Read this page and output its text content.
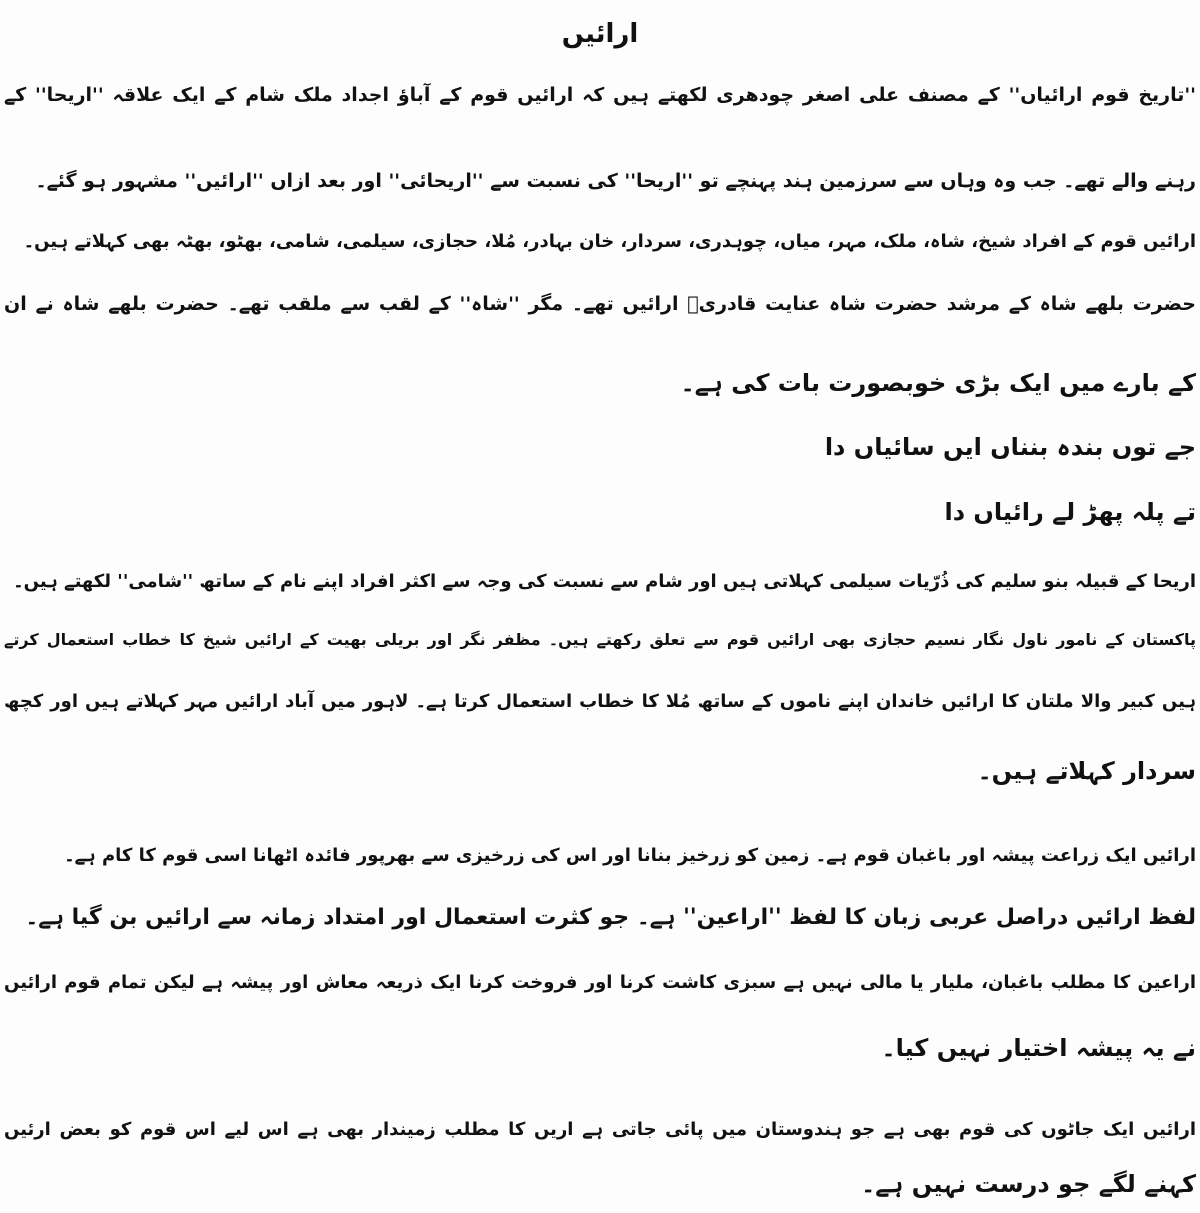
ارائیں
''تاریخ قوم ارائیاں'' کے مصنف علی اصغر چودھری لکھتے ہیں کہ ارائیں قوم کے آباؤ اجداد ملک شام کے ایک علاقہ ''اریحا'' کے
رہنے والے تھے۔ جب وہ وہاں سے سرزمین ہند پہنچے تو ''اریحا'' کی نسبت سے ''اریحائی'' اور بعد ازاں ''ارائیں'' مشہور ہو گئے۔
ارائیں قوم کے افراد شیخ، شاہ، ملک، مہر، میاں، چوہدری، سردار، خان بہادر، مُلا، حجازی، سیلمی، شامی، بھٹو، بھٹہ بھی کہلاتے ہیں۔
حضرت بلھے شاہ کے مرشد حضرت شاہ عنایت قادریؒ ارائیں تھے۔ مگر ''شاہ'' کے لقب سے ملقب تھے۔ حضرت بلھے شاہ نے ان
کے بارے میں ایک بڑی خوبصورت بات کی ہے۔
جے توں بندہ بنناں ایں سائیاں دا
تے پلہ پھڑ لے رائیاں دا
اریحا کے قبیلہ بنو سلیم کی ذُرّیات سیلمی کہلاتی ہیں اور شام سے نسبت کی وجہ سے اکثر افراد اپنے نام کے ساتھ ''شامی'' لکھتے ہیں۔
پاکستان کے نامور ناول نگار نسیم حجازی بھی ارائیں قوم سے تعلق رکھتے ہیں۔ مظفر نگر اور بریلی بھیت کے ارائیں شیخ کا خطاب استعمال کرتے
ہیں کبیر والا ملتان کا ارائیں خاندان اپنے ناموں کے ساتھ مُلا کا خطاب استعمال کرتا ہے۔ لاہور میں آباد ارائیں مہر کہلاتے ہیں اور کچھ
سردار کہلاتے ہیں۔
ارائیں ایک زراعت پیشہ اور باغبان قوم ہے۔ زمین کو زرخیز بنانا اور اس کی زرخیزی سے بھرپور فائدہ اٹھانا اسی قوم کا کام ہے۔
لفظ ارائیں دراصل عربی زبان کا لفظ ''اراعین'' ہے۔ جو کثرت استعمال اور امتداد زمانہ سے ارائیں بن گیا ہے۔
اراعین کا مطلب باغبان، ملیار یا مالی نہیں ہے سبزی کاشت کرنا اور فروخت کرنا ایک ذریعہ معاش اور پیشہ ہے لیکن تمام قوم ارائیں
نے یہ پیشہ اختیار نہیں کیا۔
ارائیں ایک جاٹوں کی قوم بھی ہے جو ہندوستان میں پائی جاتی ہے اریں کا مطلب زمیندار بھی ہے اس لیے اس قوم کو بعض ارئیں
کہنے لگے جو درست نہیں ہے۔
